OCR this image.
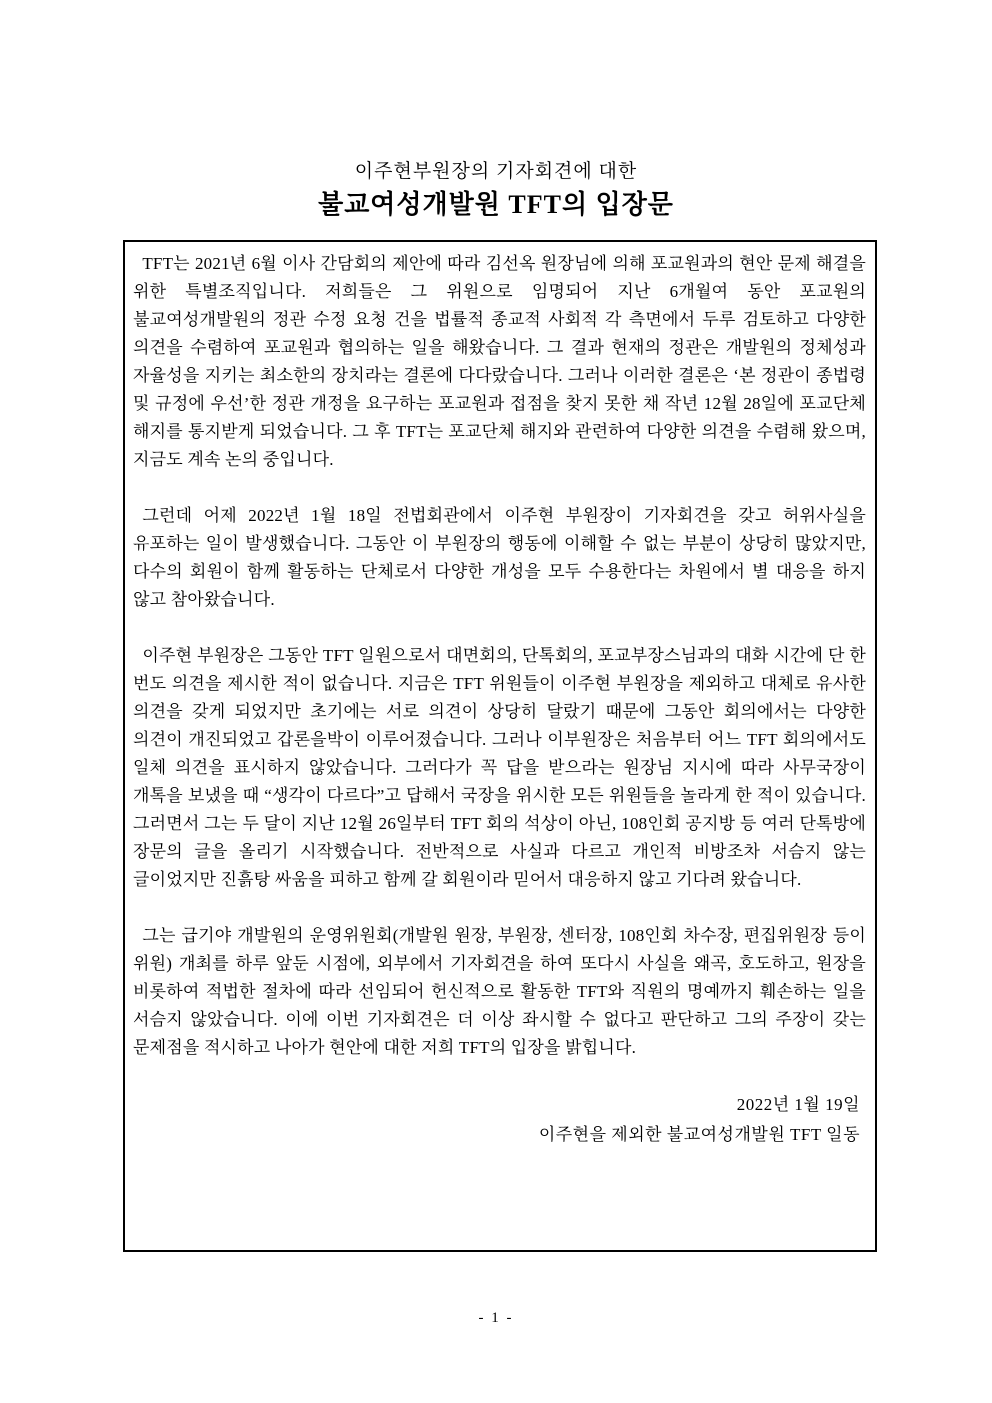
이주현부원장의 기자회견에 대한
불교여성개발원 TFT의 입장문

TFT는 2021년 6월 이사 간담회의 제안에 따라 김선옥 원장님에 의해 포교원과의 현안 문제 해결을 위한 특별조직입니다. 저희들은 그 위원으로 임명되어 지난 6개월여 동안 포교원의 불교여성개발원의 정관 수정 요청 건을 법률적 종교적 사회적 각 측면에서 두루 검토하고 다양한 의견을 수렴하여 포교원과 협의하는 일을 해왔습니다. 그 결과 현재의 정관은 개발원의 정체성과 자율성을 지키는 최소한의 장치라는 결론에 다다랐습니다. 그러나 이러한 결론은 ‘본 정관이 종법령 및 규정에 우선’한 정관 개정을 요구하는 포교원과 접점을 찾지 못한 채 작년 12월 28일에 포교단체 해지를 통지받게 되었습니다. 그 후 TFT는 포교단체 해지와 관련하여 다양한 의견을 수렴해 왔으며, 지금도 계속 논의 중입니다.

그런데 어제 2022년 1월 18일 전법회관에서 이주현 부원장이 기자회견을 갖고 허위사실을 유포하는 일이 발생했습니다. 그동안 이 부원장의 행동에 이해할 수 없는 부분이 상당히 많았지만, 다수의 회원이 함께 활동하는 단체로서 다양한 개성을 모두 수용한다는 차원에서 별 대응을 하지 않고 참아왔습니다.

이주현 부원장은 그동안 TFT 일원으로서 대면회의, 단톡회의, 포교부장스님과의 대화 시간에 단 한 번도 의견을 제시한 적이 없습니다. 지금은 TFT 위원들이 이주현 부원장을 제외하고 대체로 유사한 의견을 갖게 되었지만 초기에는 서로 의견이 상당히 달랐기 때문에 그동안 회의에서는 다양한 의견이 개진되었고 갑론을박이 이루어졌습니다. 그러나 이부원장은 처음부터 어느 TFT 회의에서도 일체 의견을 표시하지 않았습니다. 그러다가 꼭 답을 받으라는 원장님 지시에 따라 사무국장이 개톡을 보냈을 때 “생각이 다르다”고 답해서 국장을 위시한 모든 위원들을 놀라게 한 적이 있습니다. 그러면서 그는 두 달이 지난 12월 26일부터 TFT 회의 석상이 아닌, 108인회 공지방 등 여러 단톡방에 장문의 글을 올리기 시작했습니다. 전반적으로 사실과 다르고 개인적 비방조차 서슴지 않는 글이었지만 진흙탕 싸움을 피하고 함께 갈 회원이라 믿어서 대응하지 않고 기다려 왔습니다.

그는 급기야 개발원의 운영위원회(개발원 원장, 부원장, 센터장, 108인회 차수장, 편집위원장 등이 위원) 개최를 하루 앞둔 시점에, 외부에서 기자회견을 하여 또다시 사실을 왜곡, 호도하고, 원장을 비롯하여 적법한 절차에 따라 선임되어 헌신적으로 활동한 TFT와 직원의 명예까지 훼손하는 일을 서슴지 않았습니다. 이에 이번 기자회견은 더 이상 좌시할 수 없다고 판단하고 그의 주장이 갖는 문제점을 적시하고 나아가 현안에 대한 저희 TFT의 입장을 밝힙니다.

2022년 1월 19일
이주현을 제외한 불교여성개발원 TFT 일동
- 1 -
